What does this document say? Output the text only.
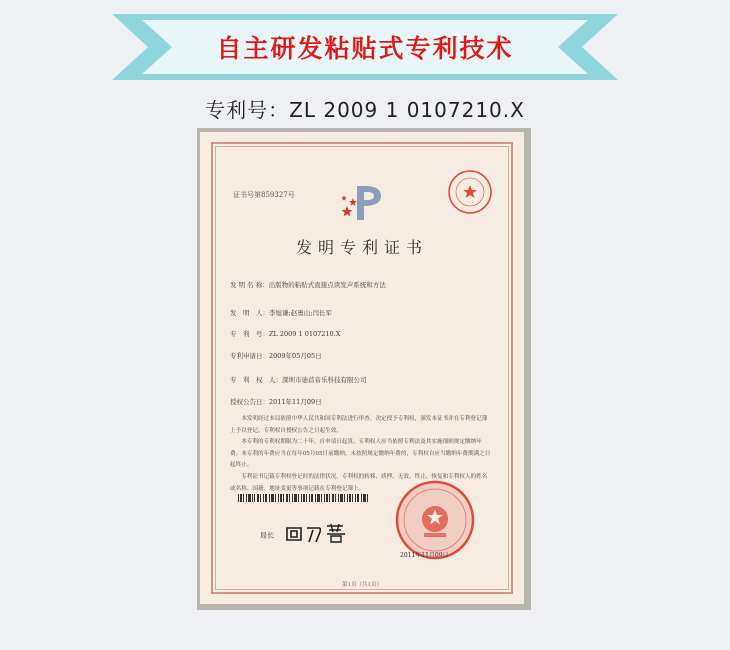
自主研发粘贴式专利技术
专利号：ZL 2009 1 0107210.X
证书号第859327号
发明专利证书
发 明 名 称：出版物的粘贴式直接点读发声系统和方法
发　明　人：李旭谦;赵勇山;闫长军
专　利　号：ZL 2009 1 0107210.X
专利申请日：2009年05月05日
专　利　权　人：深圳市迪蓓音乐科技有限公司
授权公告日：2011年11月09日

本发明经过本局依照中华人民共和国专利法进行审查，决定授予专利权，颁发本证书并在专利登记簿上予以登记。专利权自授权公告之日起生效。

本专利的专利权期限为二十年，自申请日起算。专利权人应当依照专利法及其实施细则规定缴纳年费。本专利的年费应当在每年05月05日前缴纳。未按照规定缴纳年费的，专利权自应当缴纳年费期满之日起终止。

专利证书记载专利权登记时的法律状况。专利权的转移、质押、无效、终止、恢复和专利权人的姓名或名称、国籍、地址变更等事项记载在专利登记簿上。

局长
2011年11月09日
第1页（共1页）
